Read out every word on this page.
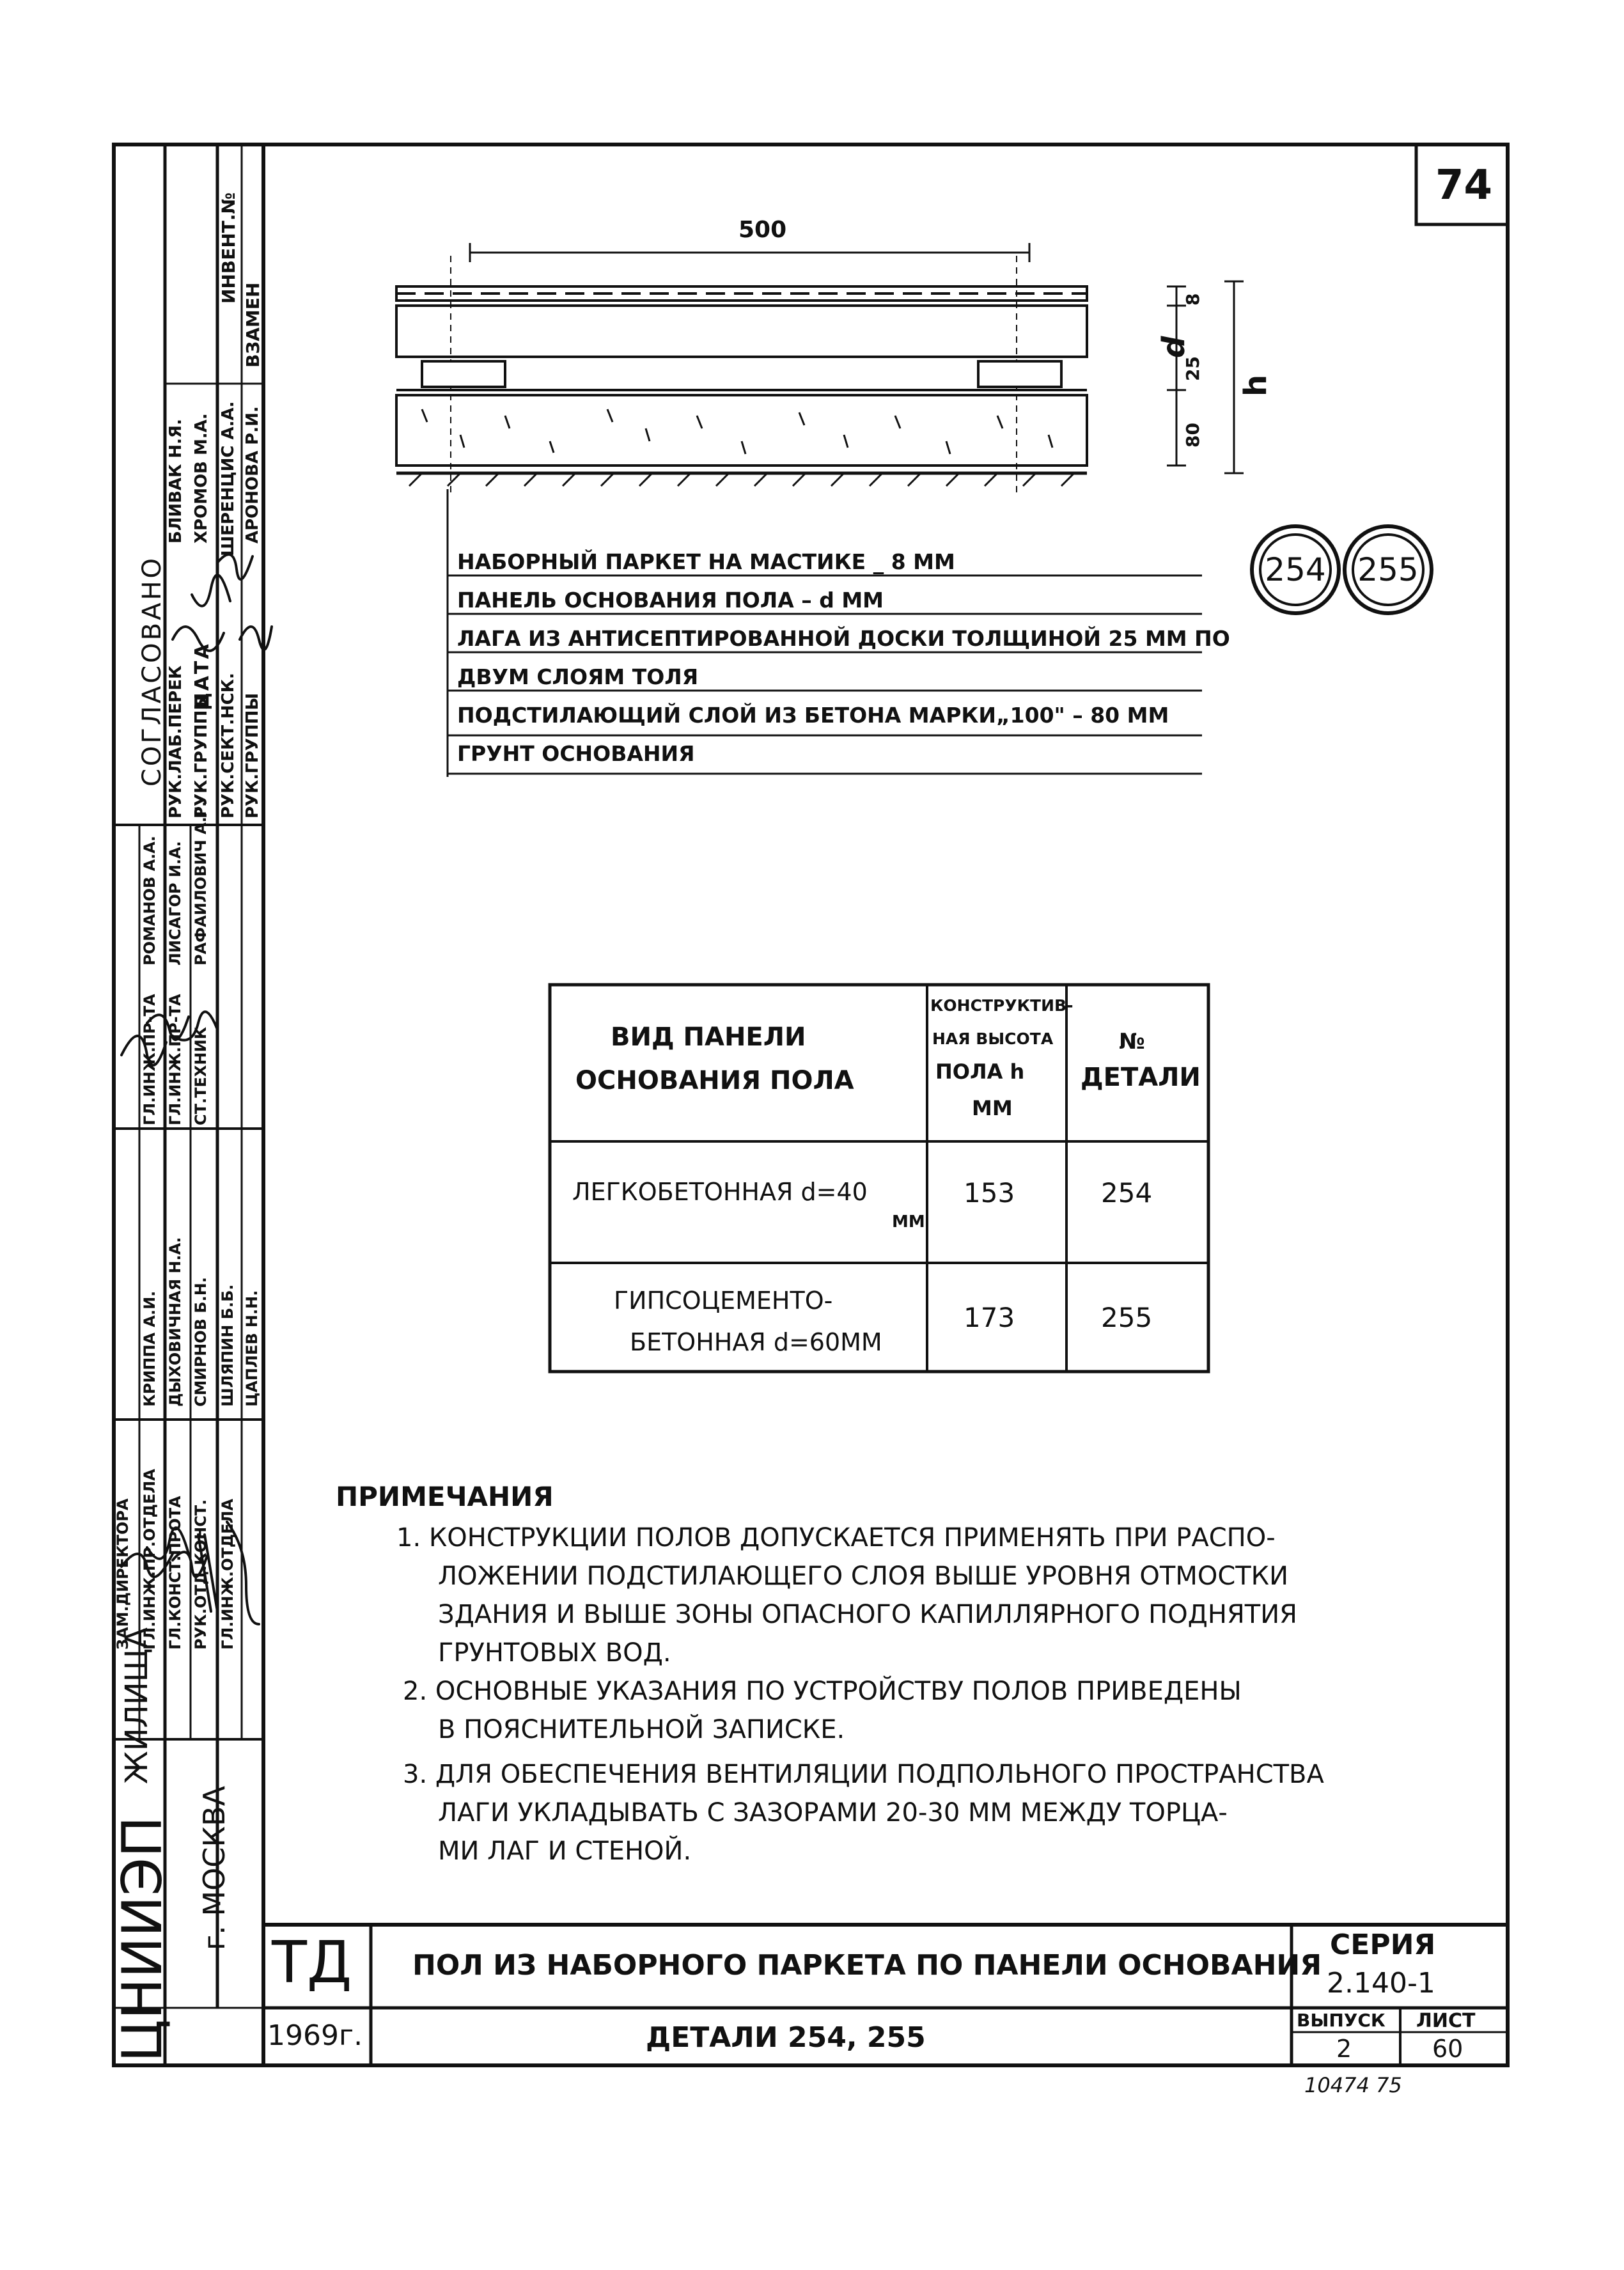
74
500
8
25
80
d
h
254 255
НАБОРНЫЙ ПАРКЕТ НА МАСТИКЕ _ 8 ММ
ПАНЕЛЬ ОСНОВАНИЯ ПОЛА – d ММ
ЛАГА ИЗ АНТИСЕПТИРОВАННОЙ ДОСКИ ТОЛЩИНОЙ 25 ММ ПО
ДВУМ СЛОЯМ ТОЛЯ
ПОДСТИЛАЮЩИЙ СЛОЙ ИЗ БЕТОНА МАРКИ„100" – 80 ММ
ГРУНТ ОСНОВАНИЯ
ВИД ПАНЕЛИ
ОСНОВАНИЯ ПОЛА
КОНСТРУКТИВ-
НАЯ ВЫСОТА
ПОЛА h
ММ
№
ДЕТАЛИ
ЛЕГКОБЕТОННАЯ d=40
ММ
153	254
ГИПСОЦЕМЕНТО-
БЕТОННАЯ d=60ММ
173	255
ПРИМЕЧАНИЯ
1. КОНСТРУКЦИИ ПОЛОВ ДОПУСКАЕТСЯ ПРИМЕНЯТЬ ПРИ РАСПО-
ЛОЖЕНИИ ПОДСТИЛАЮЩЕГО СЛОЯ ВЫШЕ УРОВНЯ ОТМОСТКИ
ЗДАНИЯ И ВЫШЕ ЗОНЫ ОПАСНОГО КАПИЛЛЯРНОГО ПОДНЯТИЯ
ГРУНТОВЫХ ВОД.
2. ОСНОВНЫЕ УКАЗАНИЯ ПО УСТРОЙСТВУ ПОЛОВ ПРИВЕДЕНЫ
В ПОЯСНИТЕЛЬНОЙ ЗАПИСКЕ.
3. ДЛЯ ОБЕСПЕЧЕНИЯ ВЕНТИЛЯЦИИ ПОДПОЛЬНОГО ПРОСТРАНСТВА
ЛАГИ УКЛАДЫВАТЬ С ЗАЗОРАМИ 20-30 ММ МЕЖДУ ТОРЦА-
МИ ЛАГ И СТЕНОЙ.
ТД
1969г.
ПОЛ ИЗ НАБОРНОГО ПАРКЕТА ПО ПАНЕЛИ ОСНОВАНИЯ
ДЕТАЛИ 254, 255
СЕРИЯ
2.140-1
ВЫПУСК
2
ЛИСТ
60
10474 75
ЦНИИЭП
ЖИЛИЩА
г. МОСКВА
СОГЛАСОВАНО ДАТА
ИНВЕНТ.№
ВЗАМЕН
РУК.ЛАБ.ПЕРЕК
БЛИВАК Н.Я.
РУК.ГРУППЫ
ХРОМОВ М.А.
РУК.СЕКТ.НСК.
ШЕРЕНЦИС А.А.
РУК.ГРУППЫ
АРОНОВА Р.И.
ЗАМ.ДИРЕКТОРА ГЛ.ИНЖ.ПР.ОТДЕЛА ГЛ.КОНСТ.ПРОТА РУК.ОТД.КОНСТ. ГЛ.ИНЖ.ОТДЕЛА
КРИППА А.И. ДЫХОВИЧНАЯ Н.А. СМИРНОВ Б.Н. ШЛЯПИН Б.Б. ЦАПЛЕВ Н.Н.
ГЛ.ИНЖ.ПР-ТА ГЛ.ИНЖ.ПР-ТА СТ.ТЕХНИК
РОМАНОВ А.А. ЛИСАГОР И.А. РАФАИЛОВИЧ А.Г.
